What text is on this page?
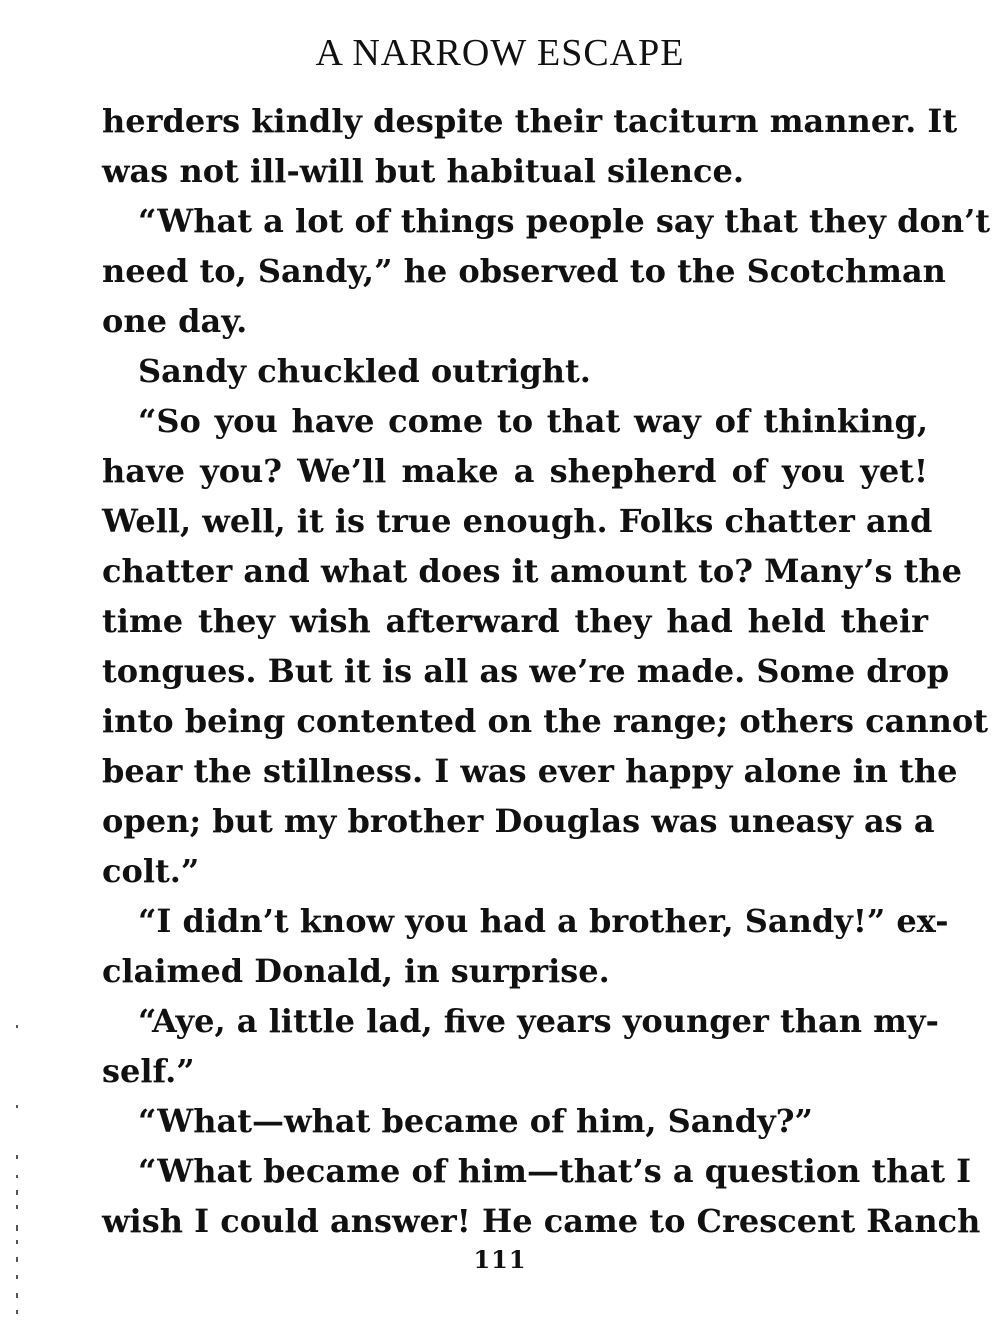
A NARROW ESCAPE
herders kindly despite their taciturn manner. It
was not ill-will but habitual silence.
“What a lot of things people say that they don’t
need to, Sandy,” he observed to the Scotchman
one day.
Sandy chuckled outright.
“So you have come to that way of thinking,
have you? We’ll make a shepherd of you yet!
Well, well, it is true enough. Folks chatter and
chatter and what does it amount to? Many’s the
time they wish afterward they had held their
tongues. But it is all as we’re made. Some drop
into being contented on the range; others cannot
bear the stillness. I was ever happy alone in the
open; but my brother Douglas was uneasy as a
colt.”
“I didn’t know you had a brother, Sandy!” ex-
claimed Donald, in surprise.
“Aye, a little lad, five years younger than my-
self.”
“What—what became of him, Sandy?”
“What became of him—that’s a question that I
wish I could answer! He came to Crescent Ranch
111
